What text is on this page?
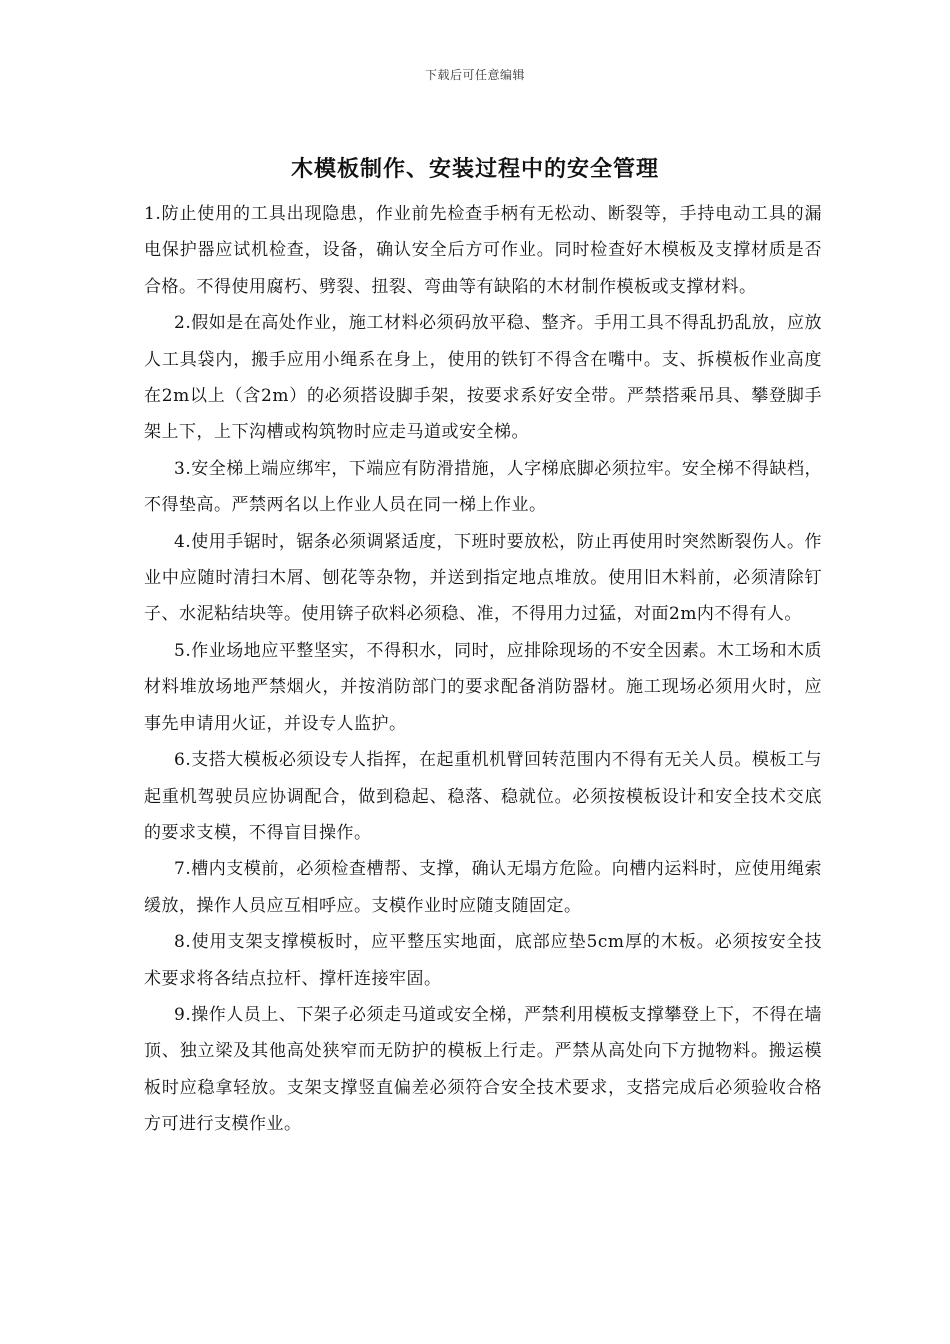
下载后可任意编辑
木模板制作、安装过程中的安全管理

1.防止使用的工具出现隐患，作业前先检查手柄有无松动、断裂等，手持电动工具的漏电保护器应试机检查，设备，确认安全后方可作业。同时检查好木模板及支撑材质是否合格。不得使用腐朽、劈裂、扭裂、弯曲等有缺陷的木材制作模板或支撑材料。

2.假如是在高处作业，施工材料必须码放平稳、整齐。手用工具不得乱扔乱放，应放人工具袋内，搬手应用小绳系在身上，使用的铁钉不得含在嘴中。支、拆模板作业高度在2m以上（含2m）的必须搭设脚手架，按要求系好安全带。严禁搭乘吊具、攀登脚手架上下，上下沟槽或构筑物时应走马道或安全梯。

3.安全梯上端应绑牢，下端应有防滑措施，人字梯底脚必须拉牢。安全梯不得缺档，不得垫高。严禁两名以上作业人员在同一梯上作业。

4.使用手锯时，锯条必须调紧适度，下班时要放松，防止再使用时突然断裂伤人。作业中应随时清扫木屑、刨花等杂物，并送到指定地点堆放。使用旧木料前，必须清除钉子、水泥粘结块等。使用锛子砍料必须稳、准，不得用力过猛，对面2m内不得有人。

5.作业场地应平整坚实，不得积水，同时，应排除现场的不安全因素。木工场和木质材料堆放场地严禁烟火，并按消防部门的要求配备消防器材。施工现场必须用火时，应事先申请用火证，并设专人监护。

6.支搭大模板必须设专人指挥，在起重机机臂回转范围内不得有无关人员。模板工与起重机驾驶员应协调配合，做到稳起、稳落、稳就位。必须按模板设计和安全技术交底的要求支模，不得盲目操作。

7.槽内支模前，必须检查槽帮、支撑，确认无塌方危险。向槽内运料时，应使用绳索缓放，操作人员应互相呼应。支模作业时应随支随固定。

8.使用支架支撑模板时，应平整压实地面，底部应垫5cm厚的木板。必须按安全技术要求将各结点拉杆、撑杆连接牢固。

9.操作人员上、下架子必须走马道或安全梯，严禁利用模板支撑攀登上下，不得在墙顶、独立梁及其他高处狭窄而无防护的模板上行走。严禁从高处向下方抛物料。搬运模板时应稳拿轻放。支架支撑竖直偏差必须符合安全技术要求，支搭完成后必须验收合格方可进行支模作业。
